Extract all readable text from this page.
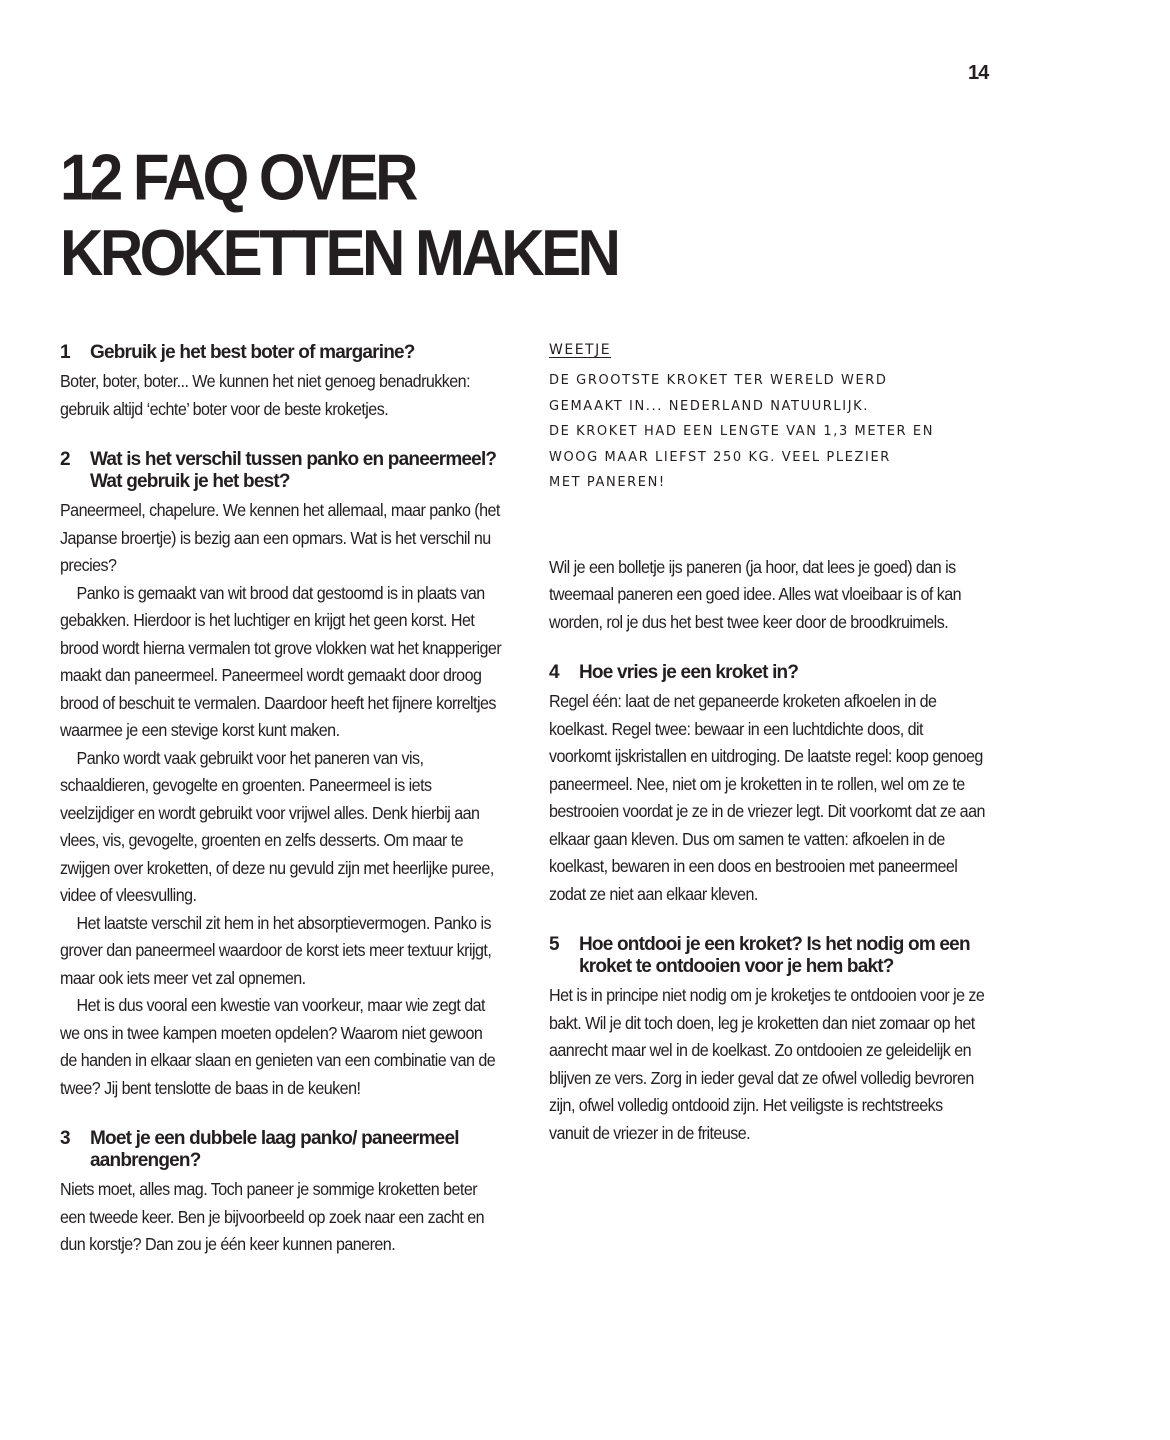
14
12 FAQ OVER
KROKETTEN MAKEN
1	Gebruik je het best boter of margarine?

Boter, boter, boter... We kunnen het niet genoeg benadrukken: gebruik altijd ‘echte’ boter voor de beste kroketjes.

2	Wat is het verschil tussen panko en paneermeel? Wat gebruik je het best?

Paneermeel, chapelure. We kennen het allemaal, maar panko (het Japanse broertje) is bezig aan een opmars. Wat is het verschil nu precies?

Panko is gemaakt van wit brood dat gestoomd is in plaats van gebakken. Hierdoor is het luchtiger en krijgt het geen korst. Het brood wordt hierna vermalen tot grove vlokken wat het knapperiger maakt dan paneermeel. Paneermeel wordt gemaakt door droog brood of beschuit te vermalen. Daardoor heeft het fijnere korreltjes waarmee je een stevige korst kunt maken.

Panko wordt vaak gebruikt voor het paneren van vis, schaaldieren, gevogelte en groenten. Paneermeel is iets veelzijdiger en wordt gebruikt voor vrijwel alles. Denk hierbij aan vlees, vis, gevogelte, groenten en zelfs desserts. Om maar te zwijgen over kroketten, of deze nu gevuld zijn met heerlijke puree, videe of vleesvulling.

Het laatste verschil zit hem in het absorptievermogen. Panko is grover dan paneermeel waardoor de korst iets meer textuur krijgt, maar ook iets meer vet zal opnemen.

Het is dus vooral een kwestie van voorkeur, maar wie zegt dat we ons in twee kampen moeten opdelen? Waarom niet gewoon de handen in elkaar slaan en genieten van een combinatie van de twee? Jij bent tenslotte de baas in de keuken!

3	Moet je een dubbele laag panko/ paneermeel aanbrengen?

Niets moet, alles mag. Toch paneer je sommige kroketten beter een tweede keer. Ben je bijvoorbeeld op zoek naar een zacht en dun korstje? Dan zou je één keer kunnen paneren.

WEETJE

DE GROOTSTE KROKET TER WERELD WERD

GEMAAKT IN... NEDERLAND NATUURLIJK.

DE KROKET HAD EEN LENGTE VAN 1,3 METER EN

WOOG MAAR LIEFST 250 KG. VEEL PLEZIER

MET PANEREN!

Wil je een bolletje ijs paneren (ja hoor, dat lees je goed) dan is tweemaal paneren een goed idee. Alles wat vloeibaar is of kan worden, rol je dus het best twee keer door de broodkruimels.

4	Hoe vries je een kroket in?

Regel één: laat de net gepaneerde kroketen afkoelen in de koelkast. Regel twee: bewaar in een luchtdichte doos, dit voorkomt ijskristallen en uitdroging. De laatste regel: koop genoeg paneermeel. Nee, niet om je kroketten in te rollen, wel om ze te bestrooien voordat je ze in de vriezer legt. Dit voorkomt dat ze aan elkaar gaan kleven. Dus om samen te vatten: afkoelen in de koelkast, bewaren in een doos en bestrooien met paneermeel zodat ze niet aan elkaar kleven.

5	Hoe ontdooi je een kroket? Is het nodig om een kroket te ontdooien voor je hem bakt?

Het is in principe niet nodig om je kroketjes te ontdooien voor je ze bakt. Wil je dit toch doen, leg je kroketten dan niet zomaar op het aanrecht maar wel in de koelkast. Zo ontdooien ze geleidelijk en blijven ze vers. Zorg in ieder geval dat ze ofwel volledig bevroren zijn, ofwel volledig ontdooid zijn. Het veiligste is rechtstreeks vanuit de vriezer in de friteuse.
